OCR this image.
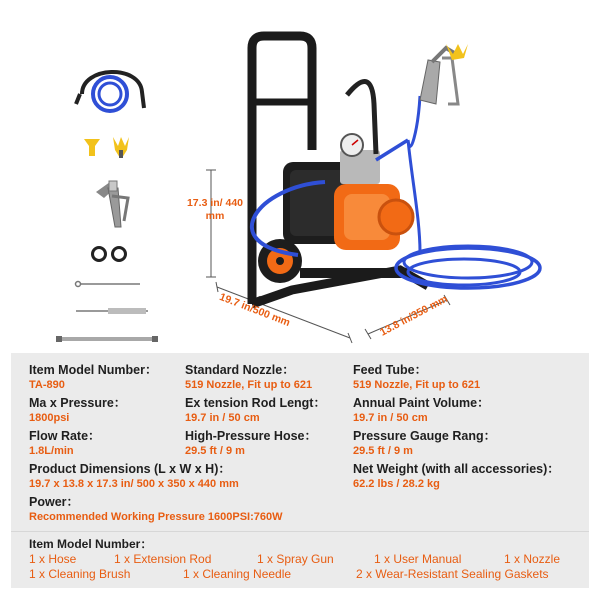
17.3 in/ 440 mm
19.7 in/500 mm	13.8 in/350 mm
Item Model Number：
TA-890
Standard Nozzle：
519 Nozzle, Fit up to 621
Feed Tube：
519 Nozzle, Fit up to 621
Ma x Pressure：
1800psi
Ex tension Rod Lengt：
19.7 in / 50 cm
Annual Paint Volume：
19.7 in / 50 cm
Flow Rate：
1.8L/min
High-Pressure Hose：
29.5 ft / 9 m
Pressure Gauge Rang：
29.5 ft / 9 m
Product Dimensions (L x W x H)：
19.7 x 13.8 x 17.3 in/ 500 x 350 x 440 mm
Net Weight (with all accessories)：
62.2 lbs / 28.2 kg
Power：
Recommended Working Pressure 1600PSI:760W
Item Model Number：
1 x Hose	1 x Extension Rod	1 x Spray Gun	1 x User Manual	1 x Nozzle
1 x Cleaning Brush	1 x Cleaning Needle	2 x Wear-Resistant Sealing Gaskets
